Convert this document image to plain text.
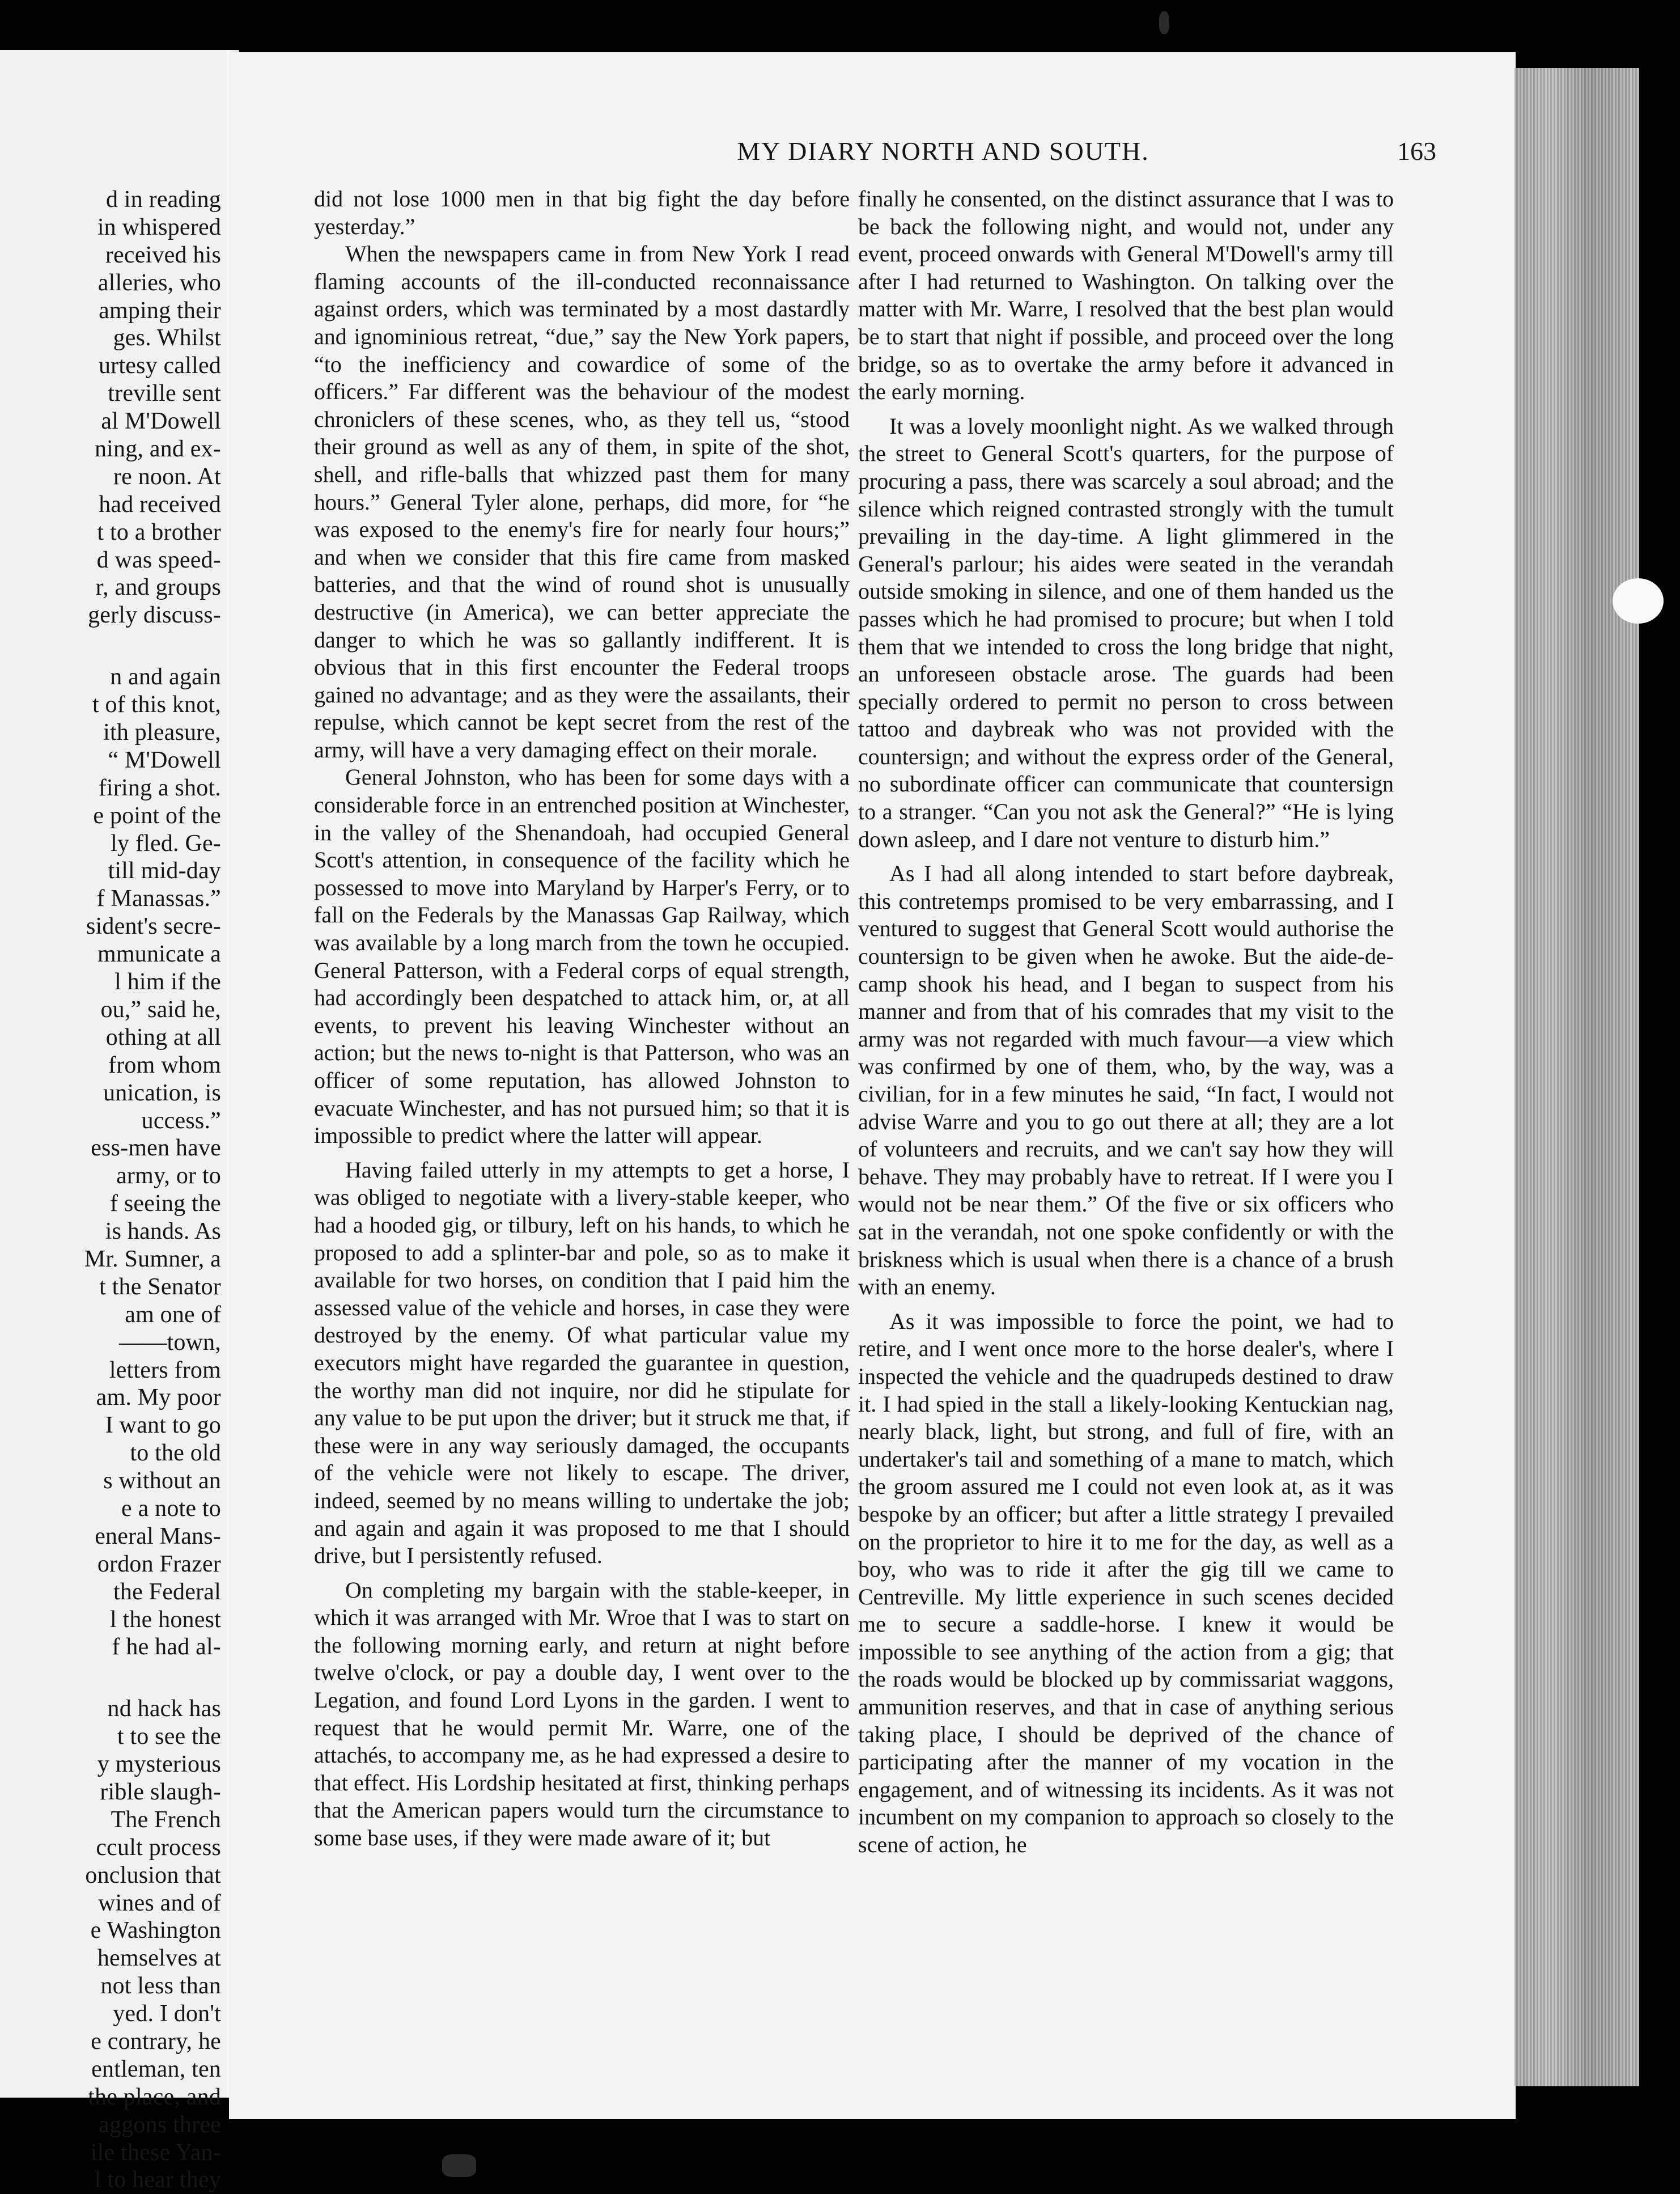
d in reading
in whispered
received his
alleries, who
amping their
ges. Whilst
urtesy called
treville sent
al M'Dowell
ning, and ex-
re noon. At
had received
t to a brother
d was speed-
r, and groups
gerly discuss-
n and again
t of this knot,
ith pleasure,
“ M'Dowell
firing a shot.
e point of the
ly fled. Ge-
till mid-day
f Manassas.”
sident's secre-
mmunicate a
l him if the
ou,” said he,
othing at all
from whom
unication, is
uccess.”
ess-men have
army, or to
f seeing the
is hands. As
Mr. Sumner, a
t the Senator
am one of
——town,
letters from
am. My poor
I want to go
to the old
s without an
e a note to
eneral Mans-
ordon Frazer
the Federal
l the honest
f he had al-
nd hack has
t to see the
y mysterious
rible slaugh-
The French
ccult process
onclusion that
wines and of
e Washington
hemselves at
not less than
yed. I don't
e contrary, he
entleman, ten
the place, and
aggons three
ile these Yan-
l to hear they
MY DIARY NORTH AND SOUTH.	163

did not lose 1000 men in that big fight the day before yesterday.”

When the newspapers came in from New York I read flaming accounts of the ill-conducted reconnaissance against orders, which was terminated by a most dastardly and ignominious retreat, “due,” say the New York papers, “to the inefficiency and cowardice of some of the officers.” Far different was the behaviour of the modest chroniclers of these scenes, who, as they tell us, “stood their ground as well as any of them, in spite of the shot, shell, and rifle-balls that whizzed past them for many hours.” General Tyler alone, perhaps, did more, for “he was exposed to the enemy's fire for nearly four hours;” and when we consider that this fire came from masked batteries, and that the wind of round shot is unusually destructive (in America), we can better appreciate the danger to which he was so gallantly indifferent. It is obvious that in this first encounter the Federal troops gained no advantage; and as they were the assailants, their repulse, which cannot be kept secret from the rest of the army, will have a very damaging effect on their morale.

General Johnston, who has been for some days with a considerable force in an entrenched position at Winchester, in the valley of the Shenandoah, had occupied General Scott's attention, in consequence of the facility which he possessed to move into Maryland by Harper's Ferry, or to fall on the Federals by the Manassas Gap Railway, which was available by a long march from the town he occupied. General Patterson, with a Federal corps of equal strength, had accordingly been despatched to attack him, or, at all events, to prevent his leaving Winchester without an action; but the news to-night is that Patterson, who was an officer of some reputation, has allowed Johnston to evacuate Winchester, and has not pursued him; so that it is impossible to predict where the latter will appear.

Having failed utterly in my attempts to get a horse, I was obliged to negotiate with a livery-stable keeper, who had a hooded gig, or tilbury, left on his hands, to which he proposed to add a splinter-bar and pole, so as to make it available for two horses, on condition that I paid him the assessed value of the vehicle and horses, in case they were destroyed by the enemy. Of what particular value my executors might have regarded the guarantee in question, the worthy man did not inquire, nor did he stipulate for any value to be put upon the driver; but it struck me that, if these were in any way seriously damaged, the occupants of the vehicle were not likely to escape. The driver, indeed, seemed by no means willing to undertake the job; and again and again it was proposed to me that I should drive, but I persistently refused.

On completing my bargain with the stable-keeper, in which it was arranged with Mr. Wroe that I was to start on the following morning early, and return at night before twelve o'clock, or pay a double day, I went over to the Legation, and found Lord Lyons in the garden. I went to request that he would permit Mr. Warre, one of the attachés, to accompany me, as he had expressed a desire to that effect. His Lordship hesitated at first, thinking perhaps that the American papers would turn the circumstance to some base uses, if they were made aware of it; but

finally he consented, on the distinct assurance that I was to be back the following night, and would not, under any event, proceed onwards with General M'Dowell's army till after I had returned to Washington. On talking over the matter with Mr. Warre, I resolved that the best plan would be to start that night if possible, and proceed over the long bridge, so as to overtake the army before it advanced in the early morning.

It was a lovely moonlight night. As we walked through the street to General Scott's quarters, for the purpose of procuring a pass, there was scarcely a soul abroad; and the silence which reigned contrasted strongly with the tumult prevailing in the day-time. A light glimmered in the General's parlour; his aides were seated in the verandah outside smoking in silence, and one of them handed us the passes which he had promised to procure; but when I told them that we intended to cross the long bridge that night, an unforeseen obstacle arose. The guards had been specially ordered to permit no person to cross between tattoo and daybreak who was not provided with the countersign; and without the express order of the General, no subordinate officer can communicate that countersign to a stranger. “Can you not ask the General?” “He is lying down asleep, and I dare not venture to disturb him.”

As I had all along intended to start before daybreak, this contretemps promised to be very embarrassing, and I ventured to suggest that General Scott would authorise the countersign to be given when he awoke. But the aide-de-camp shook his head, and I began to suspect from his manner and from that of his comrades that my visit to the army was not regarded with much favour—a view which was confirmed by one of them, who, by the way, was a civilian, for in a few minutes he said, “In fact, I would not advise Warre and you to go out there at all; they are a lot of volunteers and recruits, and we can't say how they will behave. They may probably have to retreat. If I were you I would not be near them.” Of the five or six officers who sat in the verandah, not one spoke confidently or with the briskness which is usual when there is a chance of a brush with an enemy.

As it was impossible to force the point, we had to retire, and I went once more to the horse dealer's, where I inspected the vehicle and the quadrupeds destined to draw it. I had spied in the stall a likely-looking Kentuckian nag, nearly black, light, but strong, and full of fire, with an undertaker's tail and something of a mane to match, which the groom assured me I could not even look at, as it was bespoke by an officer; but after a little strategy I prevailed on the proprietor to hire it to me for the day, as well as a boy, who was to ride it after the gig till we came to Centreville. My little experience in such scenes decided me to secure a saddle-horse. I knew it would be impossible to see anything of the action from a gig; that the roads would be blocked up by commissariat waggons, ammunition reserves, and that in case of anything serious taking place, I should be deprived of the chance of participating after the manner of my vocation in the engagement, and of witnessing its incidents. As it was not incumbent on my companion to approach so closely to the scene of action, he
